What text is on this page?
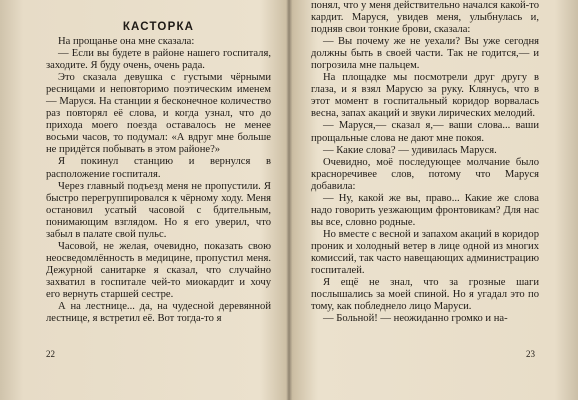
КАСТОРКА

На прощанье она мне сказала:

— Если вы будете в районе нашего госпиталя, заходите. Я буду очень, очень рада.

Это сказала девушка с густыми чёрными ресницами и неповторимо поэтическим именем — Маруся. На станции я бесконечное количество раз повторял её слова, и когда узнал, что до прихода моего поезда оставалось не менее восьми часов, то подумал: «А вдруг мне больше не придётся побывать в этом районе?»

Я покинул станцию и вернулся в расположение госпиталя.

Через главный подъезд меня не пропустили. Я быстро перегруппировался к чёрному ходу. Меня остановил усатый часовой с бдительным, понимающим взглядом. Но я его уверил, что забыл в палате свой пульс.

Часовой, не желая, очевидно, показать свою неосведомлённость в медицине, пропустил меня. Дежурной санитарке я сказал, что случайно захватил в госпитале чей-то миокардит и хочу его вернуть старшей сестре.

А на лестнице... да, на чудесной деревянной лестнице, я встретил её. Вот тогда-то я

22

понял, что у меня действительно начался какой-то кардит. Маруся, увидев меня, улыбнулась и, подняв свои тонкие брови, сказала:

— Вы почему же не уехали? Вы уже сегодня должны быть в своей части. Так не годится,— и погрозила мне пальцем.

На площадке мы посмотрели друг другу в глаза, и я взял Марусю за руку. Клянусь, что в этот момент в госпитальный коридор ворвалась весна, запах акаций и звуки лирических мелодий.

— Маруся,— сказал я,— ваши слова... ваши прощальные слова не дают мне покоя.

— Какие слова? — удивилась Маруся.

Очевидно, моё последующее молчание было красноречивее слов, потому что Маруся добавила:

— Ну, какой же вы, право... Какие же слова надо говорить уезжающим фронтовикам? Для нас вы все, словно родные.

Но вместе с весной и запахом акаций в коридор проник и холодный ветер в лице одной из многих комиссий, так часто навещающих администрацию госпиталей.

Я ещё не знал, что за грозные шаги послышались за моей спиной. Но я угадал это по тому, как побледнело лицо Маруси.

— Больной! — неожиданно громко и на-

23
